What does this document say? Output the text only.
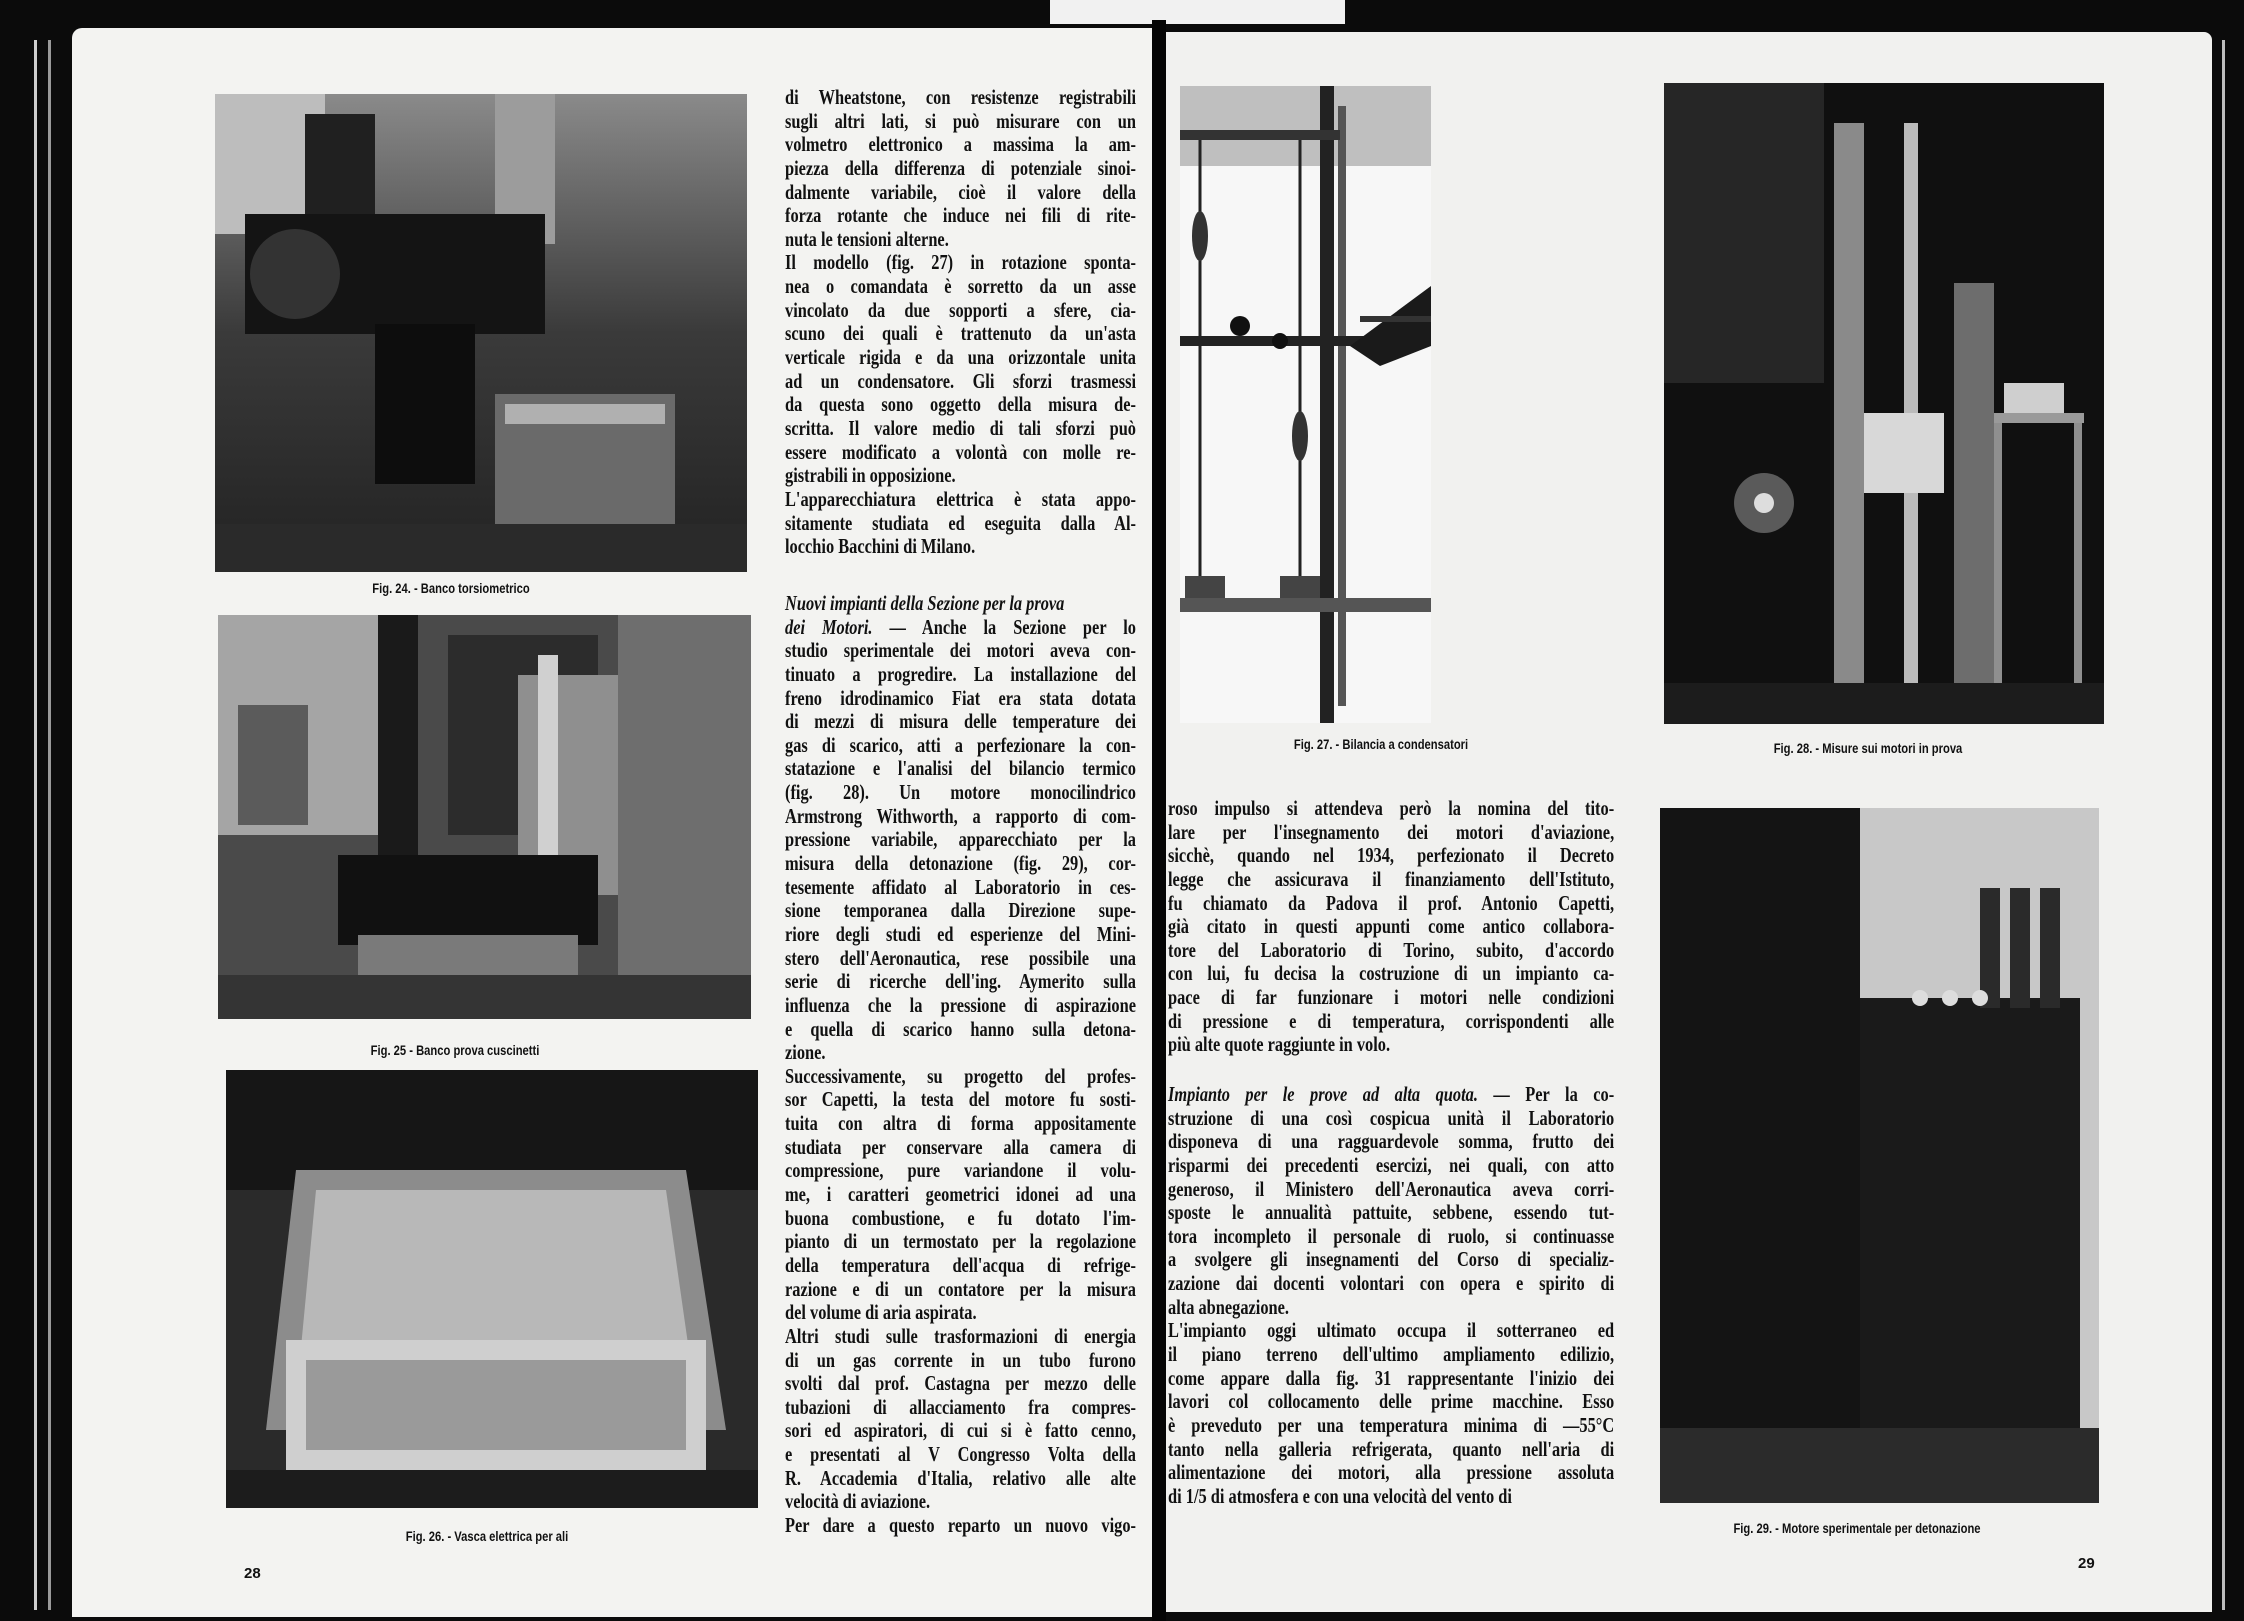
Fig. 24. - Banco torsiometrico
Fig. 25 - Banco prova cuscinetti
Fig. 26. - Vasca elettrica per ali
di Wheatstone, con resistenze registrabili
sugli altri lati, si può misurare con un
volmetro elettronico a massima la am-
piezza della differenza di potenziale sinoi-
dalmente variabile, cioè il valore della
forza rotante che induce nei fili di rite-
nuta le tensioni alterne.
Il modello (fig. 27) in rotazione sponta-
nea o comandata è sorretto da un asse
vincolato da due sopporti a sfere, cia-
scuno dei quali è trattenuto da un'asta
verticale rigida e da una orizzontale unita
ad un condensatore. Gli sforzi trasmessi
da questa sono oggetto della misura de-
scritta. Il valore medio di tali sforzi può
essere modificato a volontà con molle re-
gistrabili in opposizione.
L'apparecchiatura elettrica è stata appo-
sitamente studiata ed eseguita dalla Al-
locchio Bacchini di Milano.
Nuovi impianti della Sezione per la prova
dei Motori. — Anche la Sezione per lo
studio sperimentale dei motori aveva con-
tinuato a progredire. La installazione del
freno idrodinamico Fiat era stata dotata
di mezzi di misura delle temperature dei
gas di scarico, atti a perfezionare la con-
statazione e l'analisi del bilancio termico
(fig. 28). Un motore monocilindrico
Armstrong Withworth, a rapporto di com-
pressione variabile, apparecchiato per la
misura della detonazione (fig. 29), cor-
tesemente affidato al Laboratorio in ces-
sione temporanea dalla Direzione supe-
riore degli studi ed esperienze del Mini-
stero dell'Aeronautica, rese possibile una
serie di ricerche dell'ing. Aymerito sulla
influenza che la pressione di aspirazione
e quella di scarico hanno sulla detona-
zione.
Successivamente, su progetto del profes-
sor Capetti, la testa del motore fu sosti-
tuita con altra di forma appositamente
studiata per conservare alla camera di
compressione, pure variandone il volu-
me, i caratteri geometrici idonei ad una
buona combustione, e fu dotato l'im-
pianto di un termostato per la regolazione
della temperatura dell'acqua di refrige-
razione e di un contatore per la misura
del volume di aria aspirata.
Altri studi sulle trasformazioni di energia
di un gas corrente in un tubo furono
svolti dal prof. Castagna per mezzo delle
tubazioni di allacciamento fra compres-
sori ed aspiratori, di cui si è fatto cenno,
e presentati al V Congresso Volta della
R. Accademia d'Italia, relativo alle alte
velocità di aviazione.
Per dare a questo reparto un nuovo vigo-
28
Fig. 27. - Bilancia a condensatori	Fig. 28. - Misure sui motori in prova
Fig. 29. - Motore sperimentale per detonazione
roso impulso si attendeva però la nomina del tito-
lare per l'insegnamento dei motori d'aviazione,
sicchè, quando nel 1934, perfezionato il Decreto
legge che assicurava il finanziamento dell'Istituto,
fu chiamato da Padova il prof. Antonio Capetti,
già citato in questi appunti come antico collabora-
tore del Laboratorio di Torino, subito, d'accordo
con lui, fu decisa la costruzione di un impianto ca-
pace di far funzionare i motori nelle condizioni
di pressione e di temperatura, corrispondenti alle
più alte quote raggiunte in volo.
Impianto per le prove ad alta quota. — Per la co-
struzione di una così cospicua unità il Laboratorio
disponeva di una ragguardevole somma, frutto dei
risparmi dei precedenti esercizi, nei quali, con atto
generoso, il Ministero dell'Aeronautica aveva corri-
sposte le annualità pattuite, sebbene, essendo tut-
tora incompleto il personale di ruolo, si continuasse
a svolgere gli insegnamenti del Corso di specializ-
zazione dai docenti volontari con opera e spirito di
alta abnegazione.
L'impianto oggi ultimato occupa il sotterraneo ed
il piano terreno dell'ultimo ampliamento edilizio,
come appare dalla fig. 31 rappresentante l'inizio dei
lavori col collocamento delle prime macchine. Esso
è preveduto per una temperatura minima di —55°C
tanto nella galleria refrigerata, quanto nell'aria di
alimentazione dei motori, alla pressione assoluta
di 1/5 di atmosfera e con una velocità del vento di
29
